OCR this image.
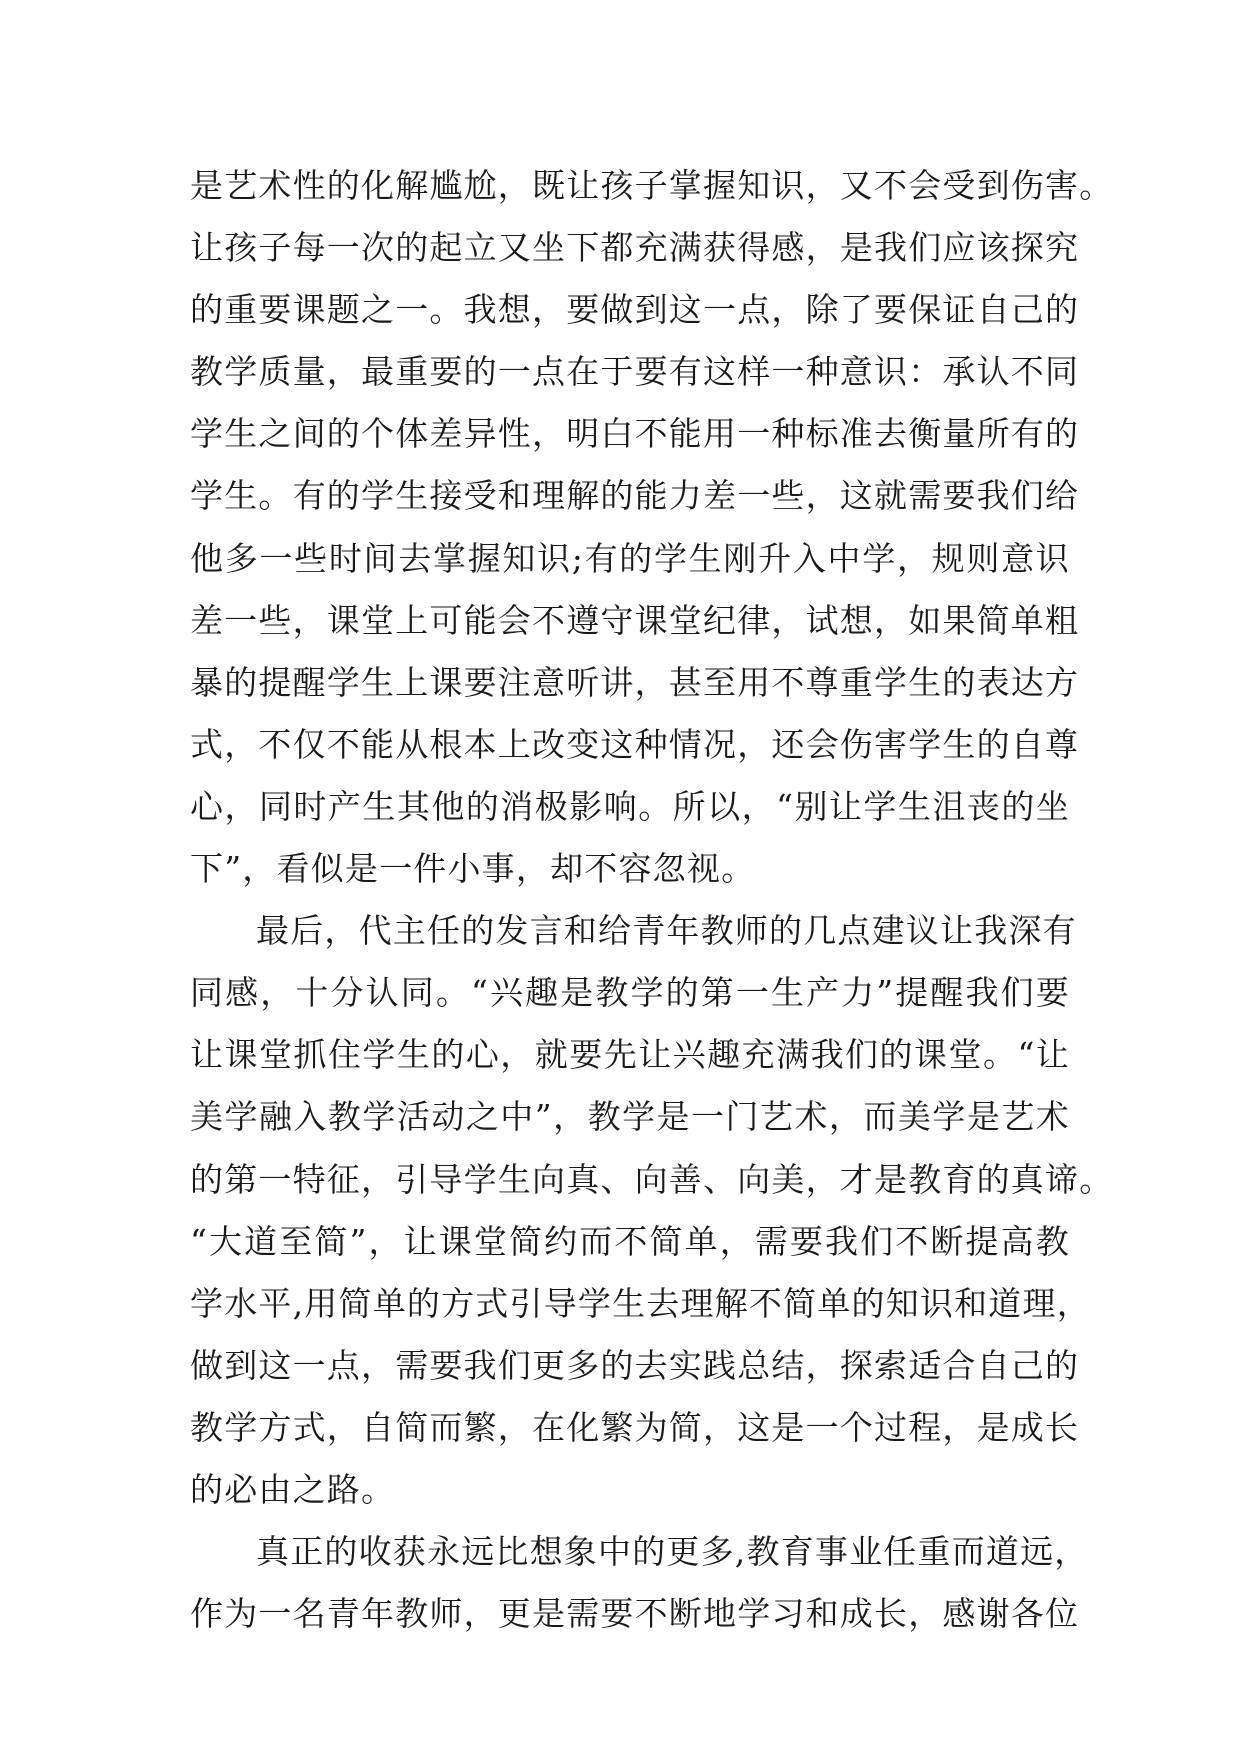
是艺术性的化解尴尬，既让孩子掌握知识，又不会受到伤害。
让孩子每一次的起立又坐下都充满获得感，是我们应该探究
的重要课题之一。我想，要做到这一点，除了要保证自己的
教学质量，最重要的一点在于要有这样一种意识：承认不同
学生之间的个体差异性，明白不能用一种标准去衡量所有的
学生。有的学生接受和理解的能力差一些，这就需要我们给
他多一些时间去掌握知识;有的学生刚升入中学，规则意识
差一些，课堂上可能会不遵守课堂纪律，试想，如果简单粗
暴的提醒学生上课要注意听讲，甚至用不尊重学生的表达方
式，不仅不能从根本上改变这种情况，还会伤害学生的自尊
心，同时产生其他的消极影响。所以，“别让学生沮丧的坐
下”，看似是一件小事，却不容忽视。
最后，代主任的发言和给青年教师的几点建议让我深有
同感，十分认同。“兴趣是教学的第一生产力”提醒我们要
让课堂抓住学生的心，就要先让兴趣充满我们的课堂。“让
美学融入教学活动之中”，教学是一门艺术，而美学是艺术
的第一特征，引导学生向真、向善、向美，才是教育的真谛。
“大道至简”，让课堂简约而不简单，需要我们不断提高教
学水平,用简单的方式引导学生去理解不简单的知识和道理，
做到这一点，需要我们更多的去实践总结，探索适合自己的
教学方式，自简而繁，在化繁为简，这是一个过程，是成长
的必由之路。
真正的收获永远比想象中的更多,教育事业任重而道远，
作为一名青年教师，更是需要不断地学习和成长，感谢各位
